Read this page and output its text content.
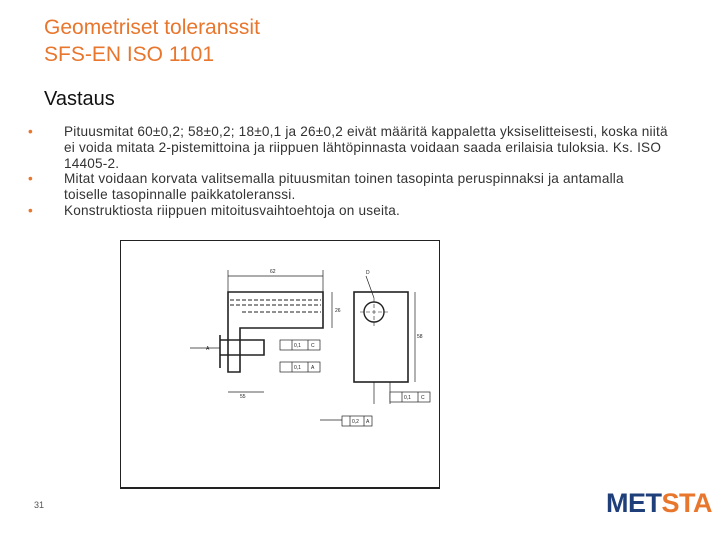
Geometriset toleranssit
SFS-EN ISO 1101
Vastaus
• Pituusmitat 60±0,2; 58±0,2; 18±0,1 ja 26±0,2 eivät määritä kappaletta yksiselitteisesti, koska niitä ei voida mitata 2-pistemittoina ja riippuen lähtöpinnasta voidaan saada erilaisia tuloksia. Ks. ISO 14405-2.
• Mitat voidaan korvata valitsemalla pituusmitan toinen tasopinta peruspinnaksi ja antamalla toiselle tasopinnalle paikkatoleranssi.
• Konstruktiosta riippuen mitoitusvaihtoehtoja on useita.
62	D
26
58
A
55
0,1 C
0,1 A
0,1 C
0,2 A
31	METSTA
